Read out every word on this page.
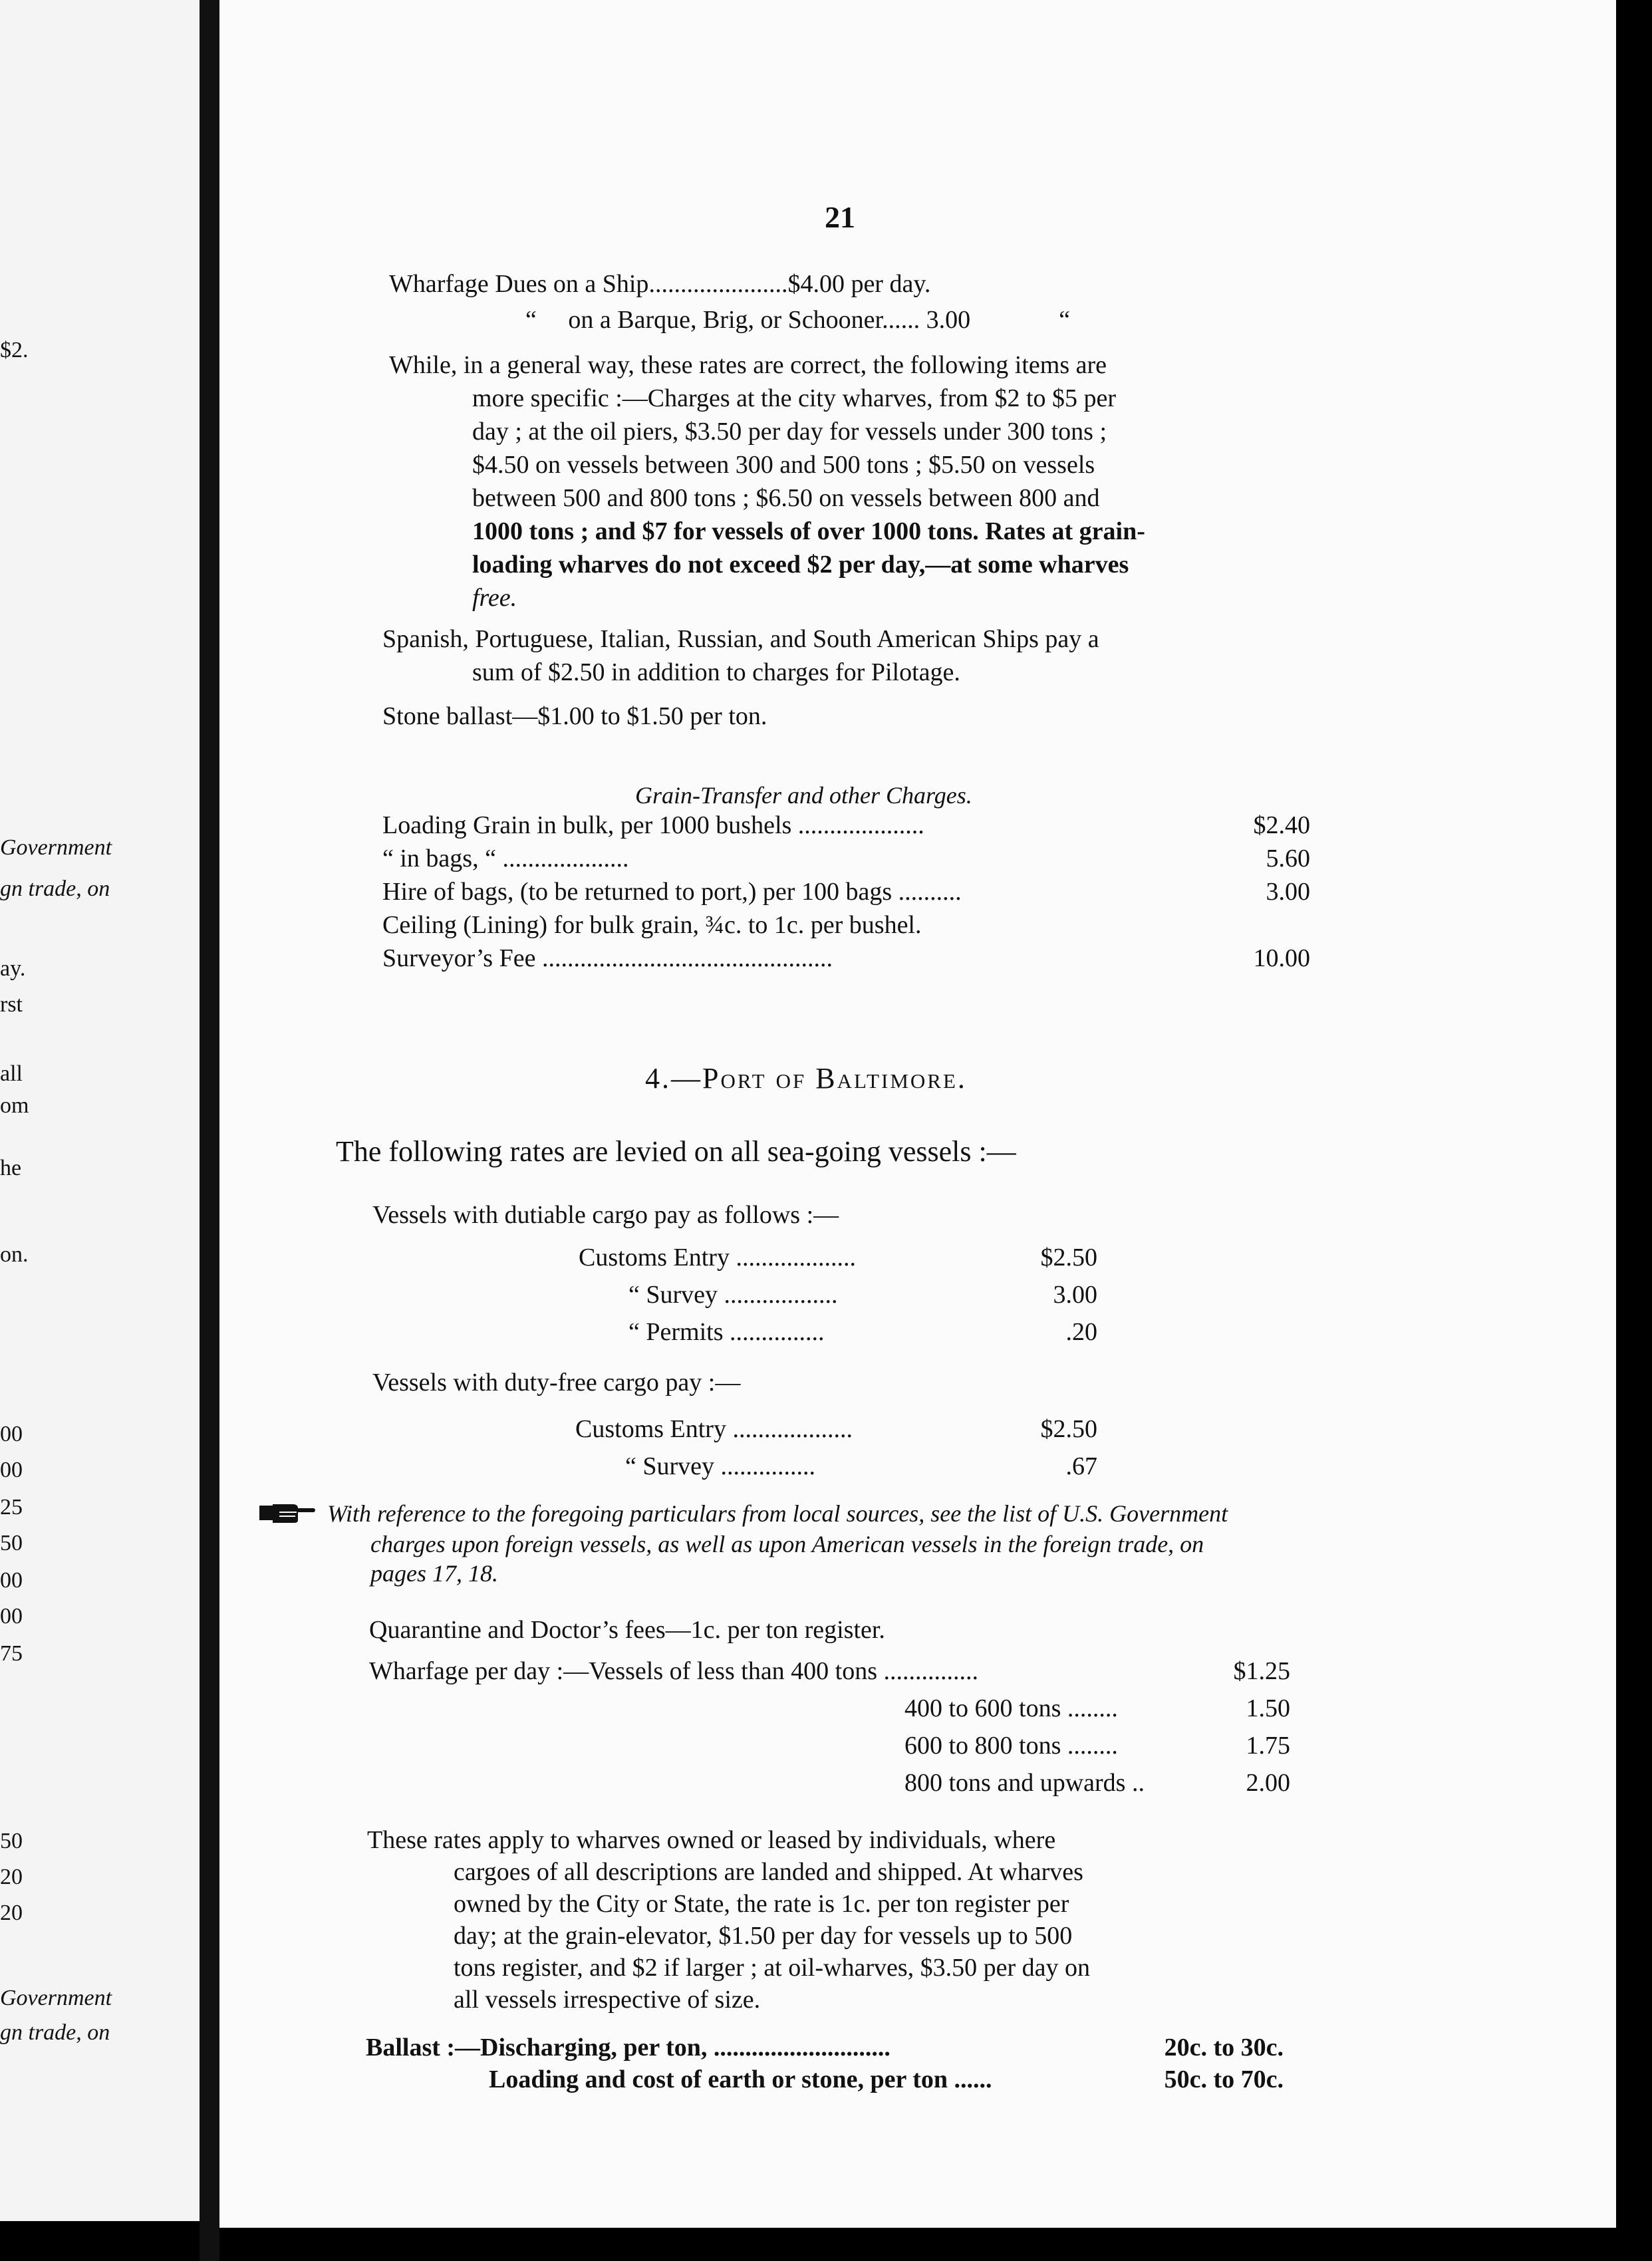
$2.
Government
gn trade, on
ay.
rst
all
om
he
on.
00
00
25
50
00
00
75
50
20
20
Government
gn trade, on
21
Wharfage Dues on a Ship......................$4.00 per day.
“ on a Barque, Brig, or Schooner...... 3.00	“
While, in a general way, these rates are correct, the following items are
more specific :—Charges at the city wharves, from $2 to $5 per
day ; at the oil piers, $3.50 per day for vessels under 300 tons ;
$4.50 on vessels between 300 and 500 tons ; $5.50 on vessels
between 500 and 800 tons ; $6.50 on vessels between 800 and
1000 tons ; and $7 for vessels of over 1000 tons. Rates at grain-
loading wharves do not exceed $2 per day,—at some wharves
free.
Spanish, Portuguese, Italian, Russian, and South American Ships pay a
sum of $2.50 in addition to charges for Pilotage.
Stone ballast—$1.00 to $1.50 per ton.
Grain-Transfer and other Charges.
Loading Grain in bulk, per 1000 bushels ....................	$2.40
“ in bags, “ ....................	5.60
Hire of bags, (to be returned to port,) per 100 bags ..........	3.00
Ceiling (Lining) for bulk grain, ¾c. to 1c. per bushel.
Surveyor’s Fee ..............................................	10.00
4.—Port of Baltimore.
The following rates are levied on all sea-going vessels :—
Vessels with dutiable cargo pay as follows :—
Customs Entry ...................	$2.50
“ Survey ..................	3.00
“ Permits ...............	.20
Vessels with duty-free cargo pay :—
Customs Entry ...................	$2.50
“ Survey ...............	.67
With reference to the foregoing particulars from local sources, see the list of U.S. Government
charges upon foreign vessels, as well as upon American vessels in the foreign trade, on
pages 17, 18.
Quarantine and Doctor’s fees—1c. per ton register.
Wharfage per day :—Vessels of less than 400 tons ...............	$1.25
400 to 600 tons ........	1.50
600 to 800 tons ........	1.75
800 tons and upwards ..	2.00
These rates apply to wharves owned or leased by individuals, where
cargoes of all descriptions are landed and shipped. At wharves
owned by the City or State, the rate is 1c. per ton register per
day; at the grain-elevator, $1.50 per day for vessels up to 500
tons register, and $2 if larger ; at oil-wharves, $3.50 per day on
all vessels irrespective of size.
Ballast :—Discharging, per ton, ............................	20c. to 30c.
Loading and cost of earth or stone, per ton ......	50c. to 70c.
